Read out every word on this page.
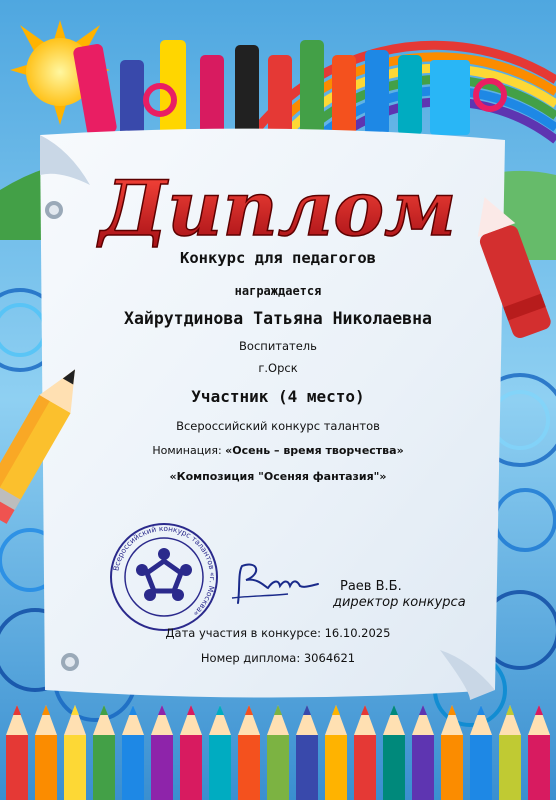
Диплом
Конкурс для педагогов
награждается
Хайрутдинова Татьяна Николаевна
Воспитатель
г.Орск
Участник (4 место)
Всероссийский конкурс талантов
Номинация: «Осень – время творчества»
«Композиция "Осеняя фантазия"»
Всероссийский конкурс талантов «г. Москва»
Раев В.Б.
директор конкурса
Дата участия в конкурсе: 16.10.2025
Номер диплома: 3064621
